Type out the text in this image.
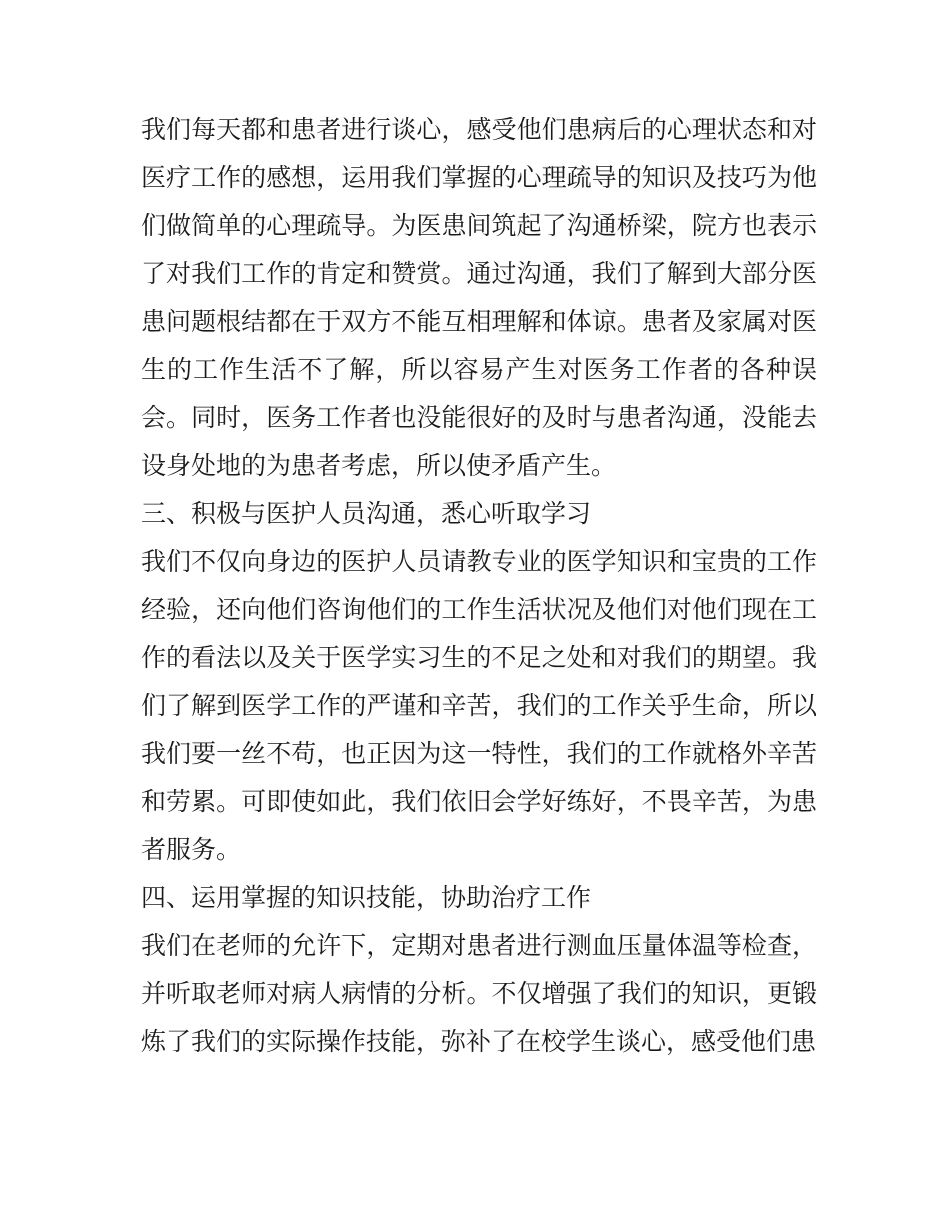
我们每天都和患者进行谈心，感受他们患病后的心理状态和对医疗工作的感想，运用我们掌握的心理疏导的知识及技巧为他们做简单的心理疏导。为医患间筑起了沟通桥梁，院方也表示了对我们工作的肯定和赞赏。通过沟通，我们了解到大部分医患问题根结都在于双方不能互相理解和体谅。患者及家属对医生的工作生活不了解，所以容易产生对医务工作者的各种误会。同时，医务工作者也没能很好的及时与患者沟通，没能去设身处地的为患者考虑，所以使矛盾产生。

三、积极与医护人员沟通，悉心听取学习

我们不仅向身边的医护人员请教专业的医学知识和宝贵的工作经验，还向他们咨询他们的工作生活状况及他们对他们现在工作的看法以及关于医学实习生的不足之处和对我们的期望。我们了解到医学工作的严谨和辛苦，我们的工作关乎生命，所以我们要一丝不苟，也正因为这一特性，我们的工作就格外辛苦和劳累。可即使如此，我们依旧会学好练好，不畏辛苦，为患者服务。

四、运用掌握的知识技能，协助治疗工作

我们在老师的允许下，定期对患者进行测血压量体温等检查，并听取老师对病人病情的分析。不仅增强了我们的知识，更锻炼了我们的实际操作技能，弥补了在校学生谈心，感受他们患
